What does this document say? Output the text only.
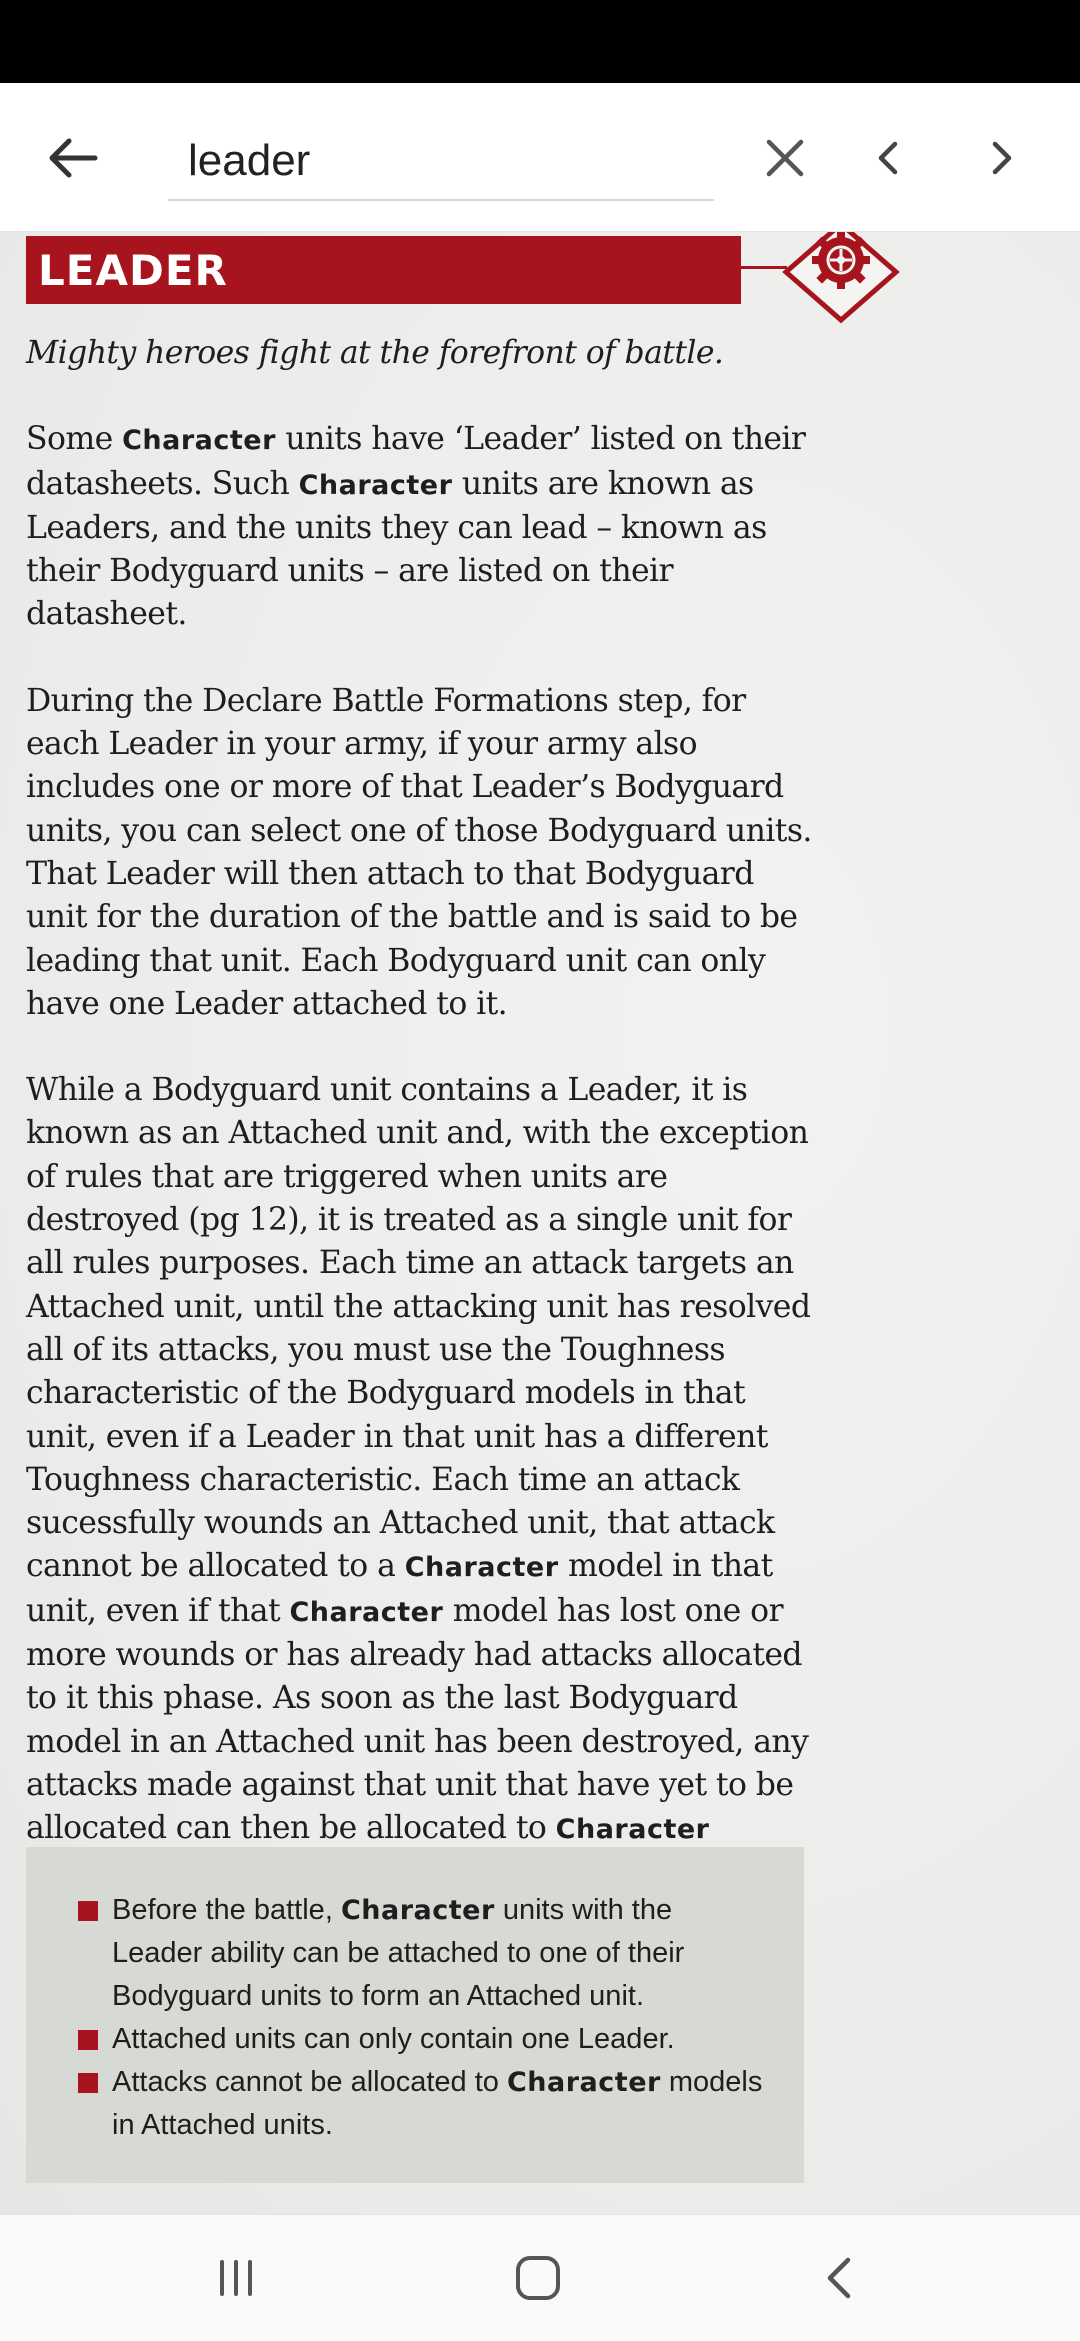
leader
LEADER

Mighty heroes fight at the forefront of battle.

Some Character units have ‘Leader’ listed on their datasheets. Such Character units are known as Leaders, and the units they can lead – known as their Bodyguard units – are listed on their datasheet.

During the Declare Battle Formations step, for each Leader in your army, if your army also includes one or more of that Leader’s Bodyguard units, you can select one of those Bodyguard units. That Leader will then attach to that Bodyguard unit for the duration of the battle and is said to be leading that unit. Each Bodyguard unit can only have one Leader attached to it.

While a Bodyguard unit contains a Leader, it is known as an Attached unit and, with the exception of rules that are triggered when units are destroyed (pg 12), it is treated as a single unit for all rules purposes. Each time an attack targets an Attached unit, until the attacking unit has resolved all of its attacks, you must use the Toughness characteristic of the Bodyguard models in that unit, even if a Leader in that unit has a different Toughness characteristic. Each time an attack sucessfully wounds an Attached unit, that attack cannot be allocated to a Character model in that unit, even if that Character model has lost one or more wounds or has already had attacks allocated to it this phase. As soon as the last Bodyguard model in an Attached unit has been destroyed, any attacks made against that unit that have yet to be allocated can then be allocated to Character

Before the battle, Character units with the Leader ability can be attached to one of their Bodyguard units to form an Attached unit.
Attached units can only contain one Leader.
Attacks cannot be allocated to Character models in Attached units.
